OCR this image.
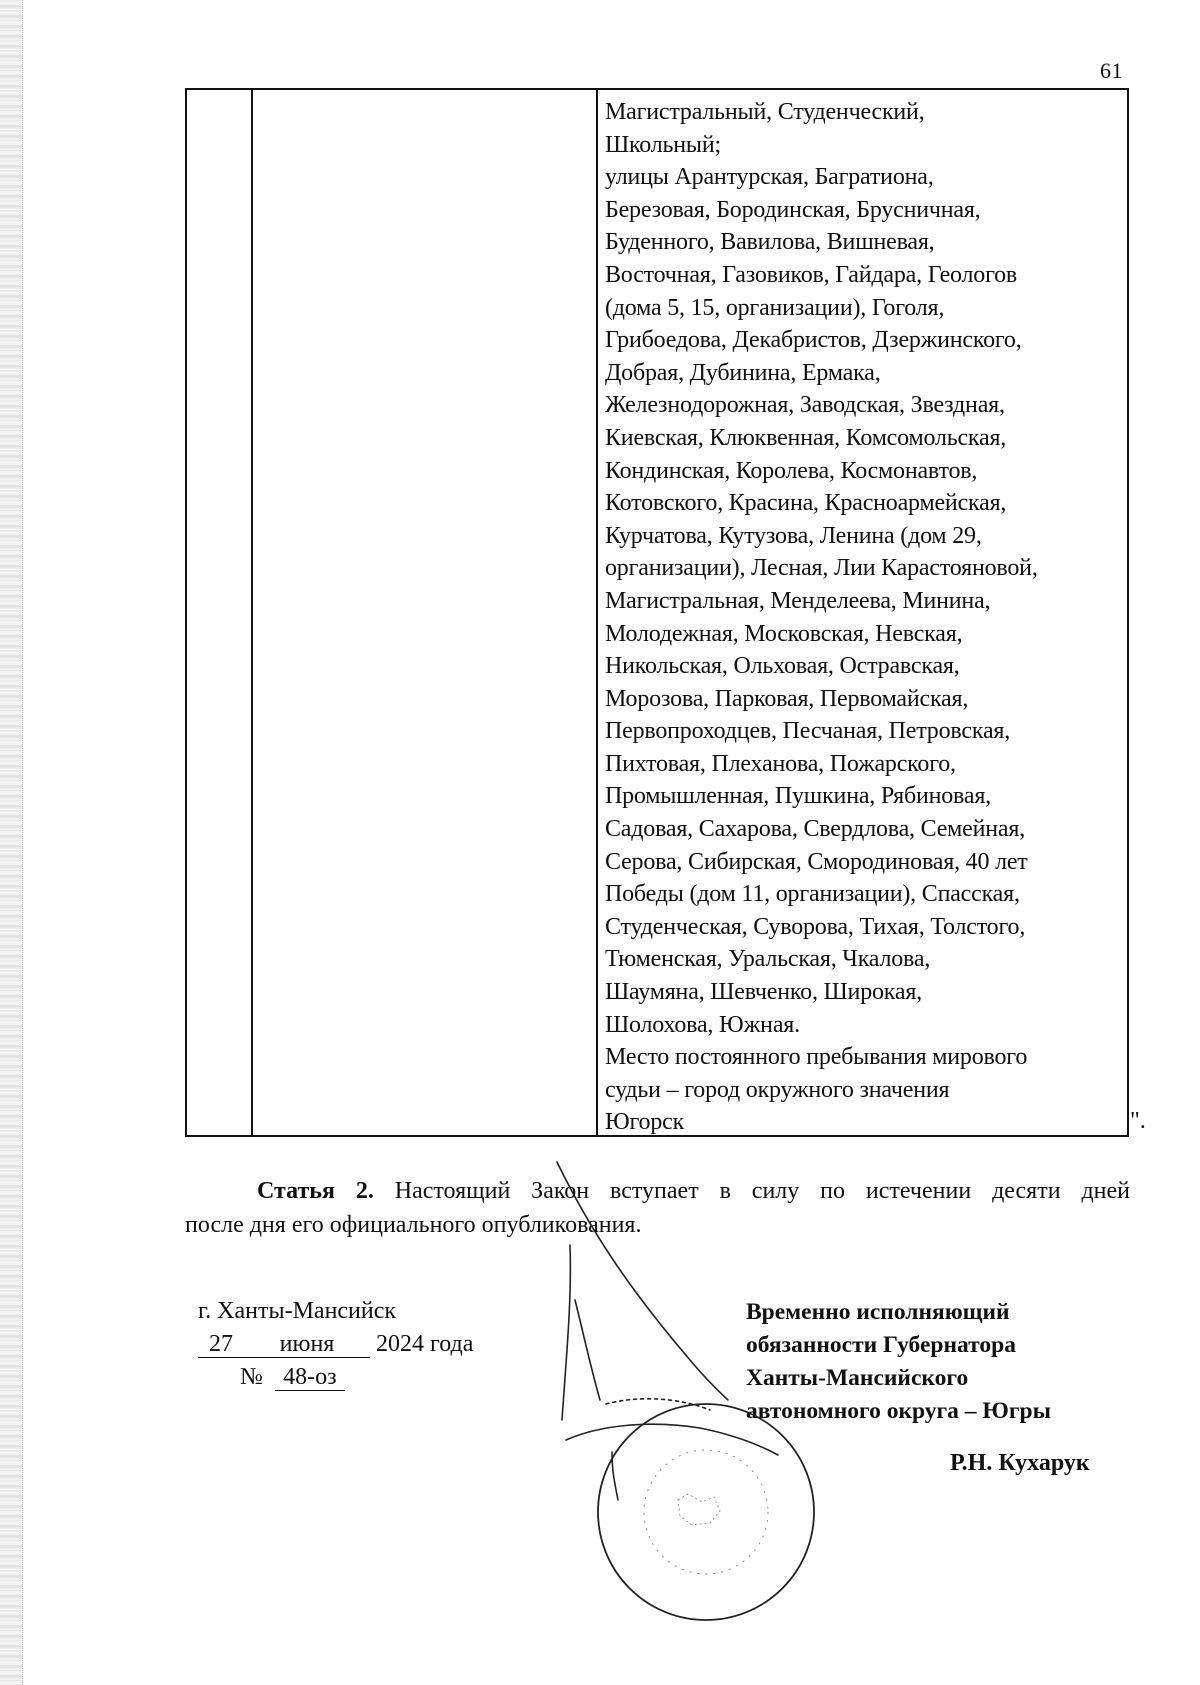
61
Магистральный, Студенческий,
Школьный;
улицы Арантурская, Багратиона,
Березовая, Бородинская, Брусничная,
Буденного, Вавилова, Вишневая,
Восточная, Газовиков, Гайдара, Геологов
(дома 5, 15, организации), Гоголя,
Грибоедова, Декабристов, Дзержинского,
Добрая, Дубинина, Ермака,
Железнодорожная, Заводская, Звездная,
Киевская, Клюквенная, Комсомольская,
Кондинская, Королева, Космонавтов,
Котовского, Красина, Красноармейская,
Курчатова, Кутузова, Ленина (дом 29,
организации), Лесная, Лии Карастояновой,
Магистральная, Менделеева, Минина,
Молодежная, Московская, Невская,
Никольская, Ольховая, Остравская,
Морозова, Парковая, Первомайская,
Первопроходцев, Песчаная, Петровская,
Пихтовая, Плеханова, Пожарского,
Промышленная, Пушкина, Рябиновая,
Садовая, Сахарова, Свердлова, Семейная,
Серова, Сибирская, Смородиновая, 40 лет
Победы (дом 11, организации), Спасская,
Студенческая, Суворова, Тихая, Толстого,
Тюменская, Уральская, Чкалова,
Шаумяна, Шевченко, Широкая,
Шолохова, Южная.
Место постоянного пребывания мирового
судьи – город окружного значения
Югорск	".

Статья 2. Настоящий Закон вступает в силу по истечении десяти дней
после дня его официального опубликования.

г. Ханты-Мансийск
27 июня 2024 года
№ 48-оз
Временно исполняющий
обязанности Губернатора
Ханты-Мансийского
автономного округа – Югры
Р.Н. Кухарук
